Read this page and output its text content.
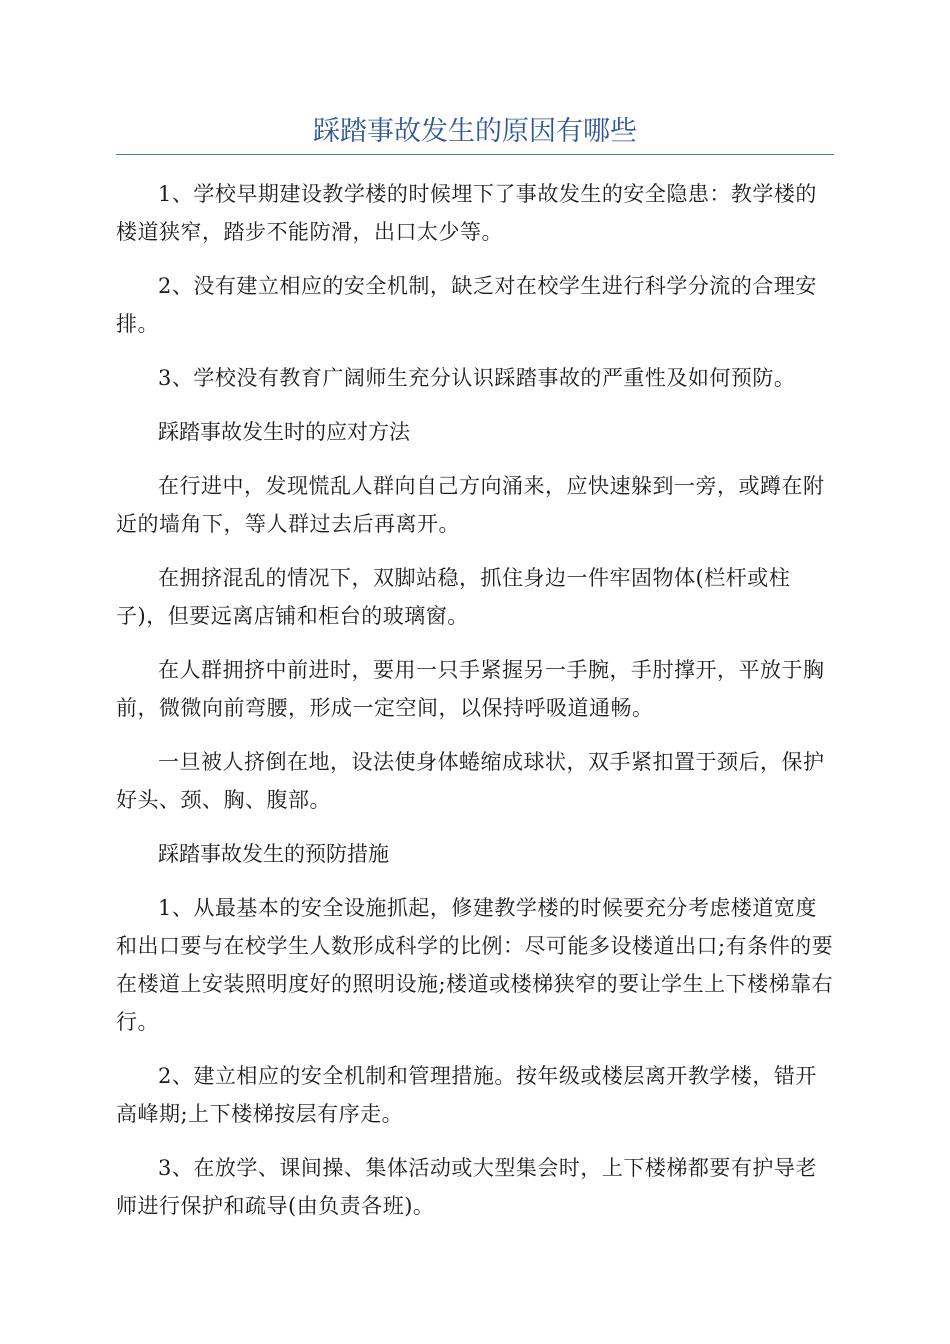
踩踏事故发生的原因有哪些

1、学校早期建设教学楼的时候埋下了事故发生的安全隐患：教学楼的楼道狭窄，踏步不能防滑，出口太少等。

2、没有建立相应的安全机制，缺乏对在校学生进行科学分流的合理安排。

3、学校没有教育广阔师生充分认识踩踏事故的严重性及如何预防。

踩踏事故发生时的应对方法

在行进中，发现慌乱人群向自己方向涌来，应快速躲到一旁，或蹲在附近的墙角下，等人群过去后再离开。

在拥挤混乱的情况下，双脚站稳，抓住身边一件牢固物体(栏杆或柱子)，但要远离店铺和柜台的玻璃窗。

在人群拥挤中前进时，要用一只手紧握另一手腕，手肘撑开，平放于胸前，微微向前弯腰，形成一定空间，以保持呼吸道通畅。

一旦被人挤倒在地，设法使身体蜷缩成球状，双手紧扣置于颈后，保护好头、颈、胸、腹部。

踩踏事故发生的预防措施

1、从最基本的安全设施抓起，修建教学楼的时候要充分考虑楼道宽度和出口要与在校学生人数形成科学的比例：尽可能多设楼道出口;有条件的要在楼道上安装照明度好的照明设施;楼道或楼梯狭窄的要让学生上下楼梯靠右行。

2、建立相应的安全机制和管理措施。按年级或楼层离开教学楼，错开高峰期;上下楼梯按层有序走。

3、在放学、课间操、集体活动或大型集会时，上下楼梯都要有护导老师进行保护和疏导(由负责各班)。
